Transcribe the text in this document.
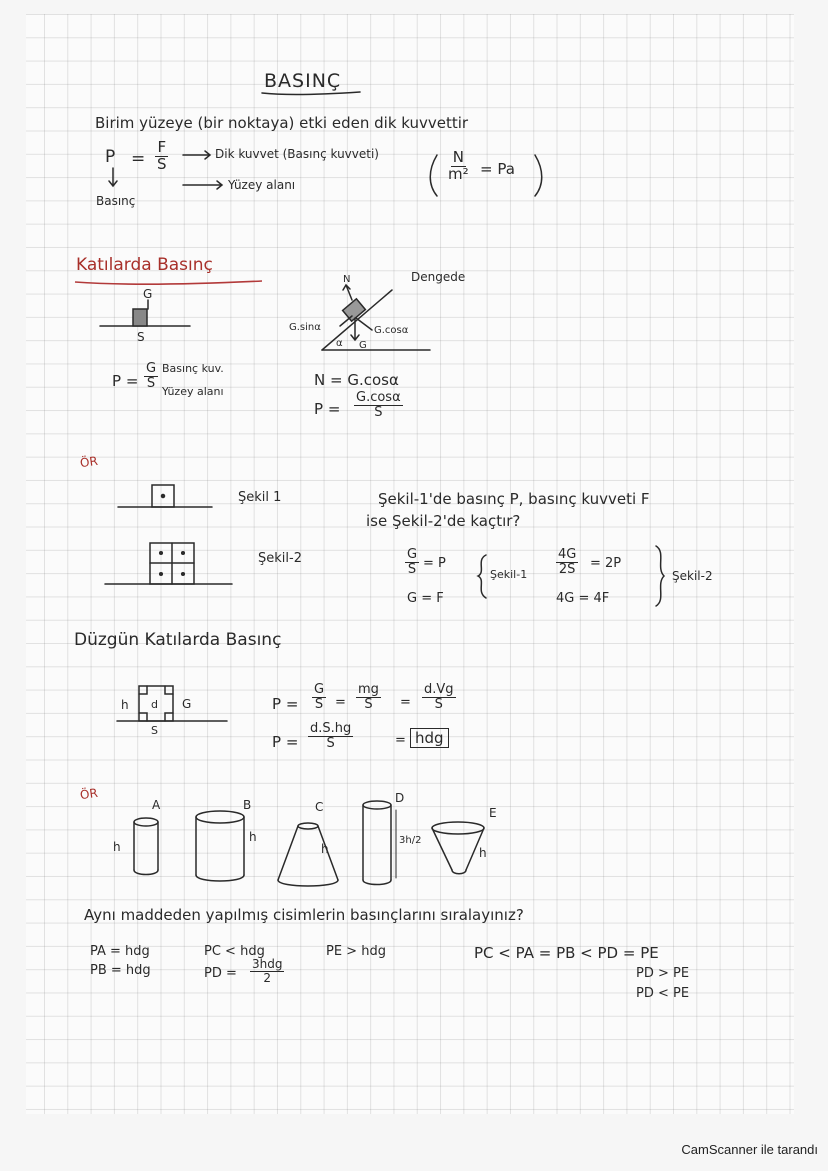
BASINÇ
Birim yüzeye (bir noktaya) etki eden dik kuvvettir
$P = \frac{F}{S}$	Dik kuvvet (Basınç kuvveti)
Yüzey alanı
Basınç
$\frac{N}{\text{m²}} = Pa$
Katılarda Basınç
G
S
$P = \frac{G}{S}$ Basınç kuv.
Yüzey alanı
Dengede
N
G.sinα	G.cosα
G
α
N = G.cosα
$P = \frac{G.\cos\alpha}{S}$
ÖR
Şekil 1
Şekil-2
Şekil-1'de basınç P, basınç kuvveti F
ise Şekil-2'de kaçtır?
$\frac{G}{S} = P$
G = F
Şekil-1 $\frac{4G}{2S} = 2P$
4G = 4F
Şekil-2
Düzgün Katılarda Basınç
h d G
S
$P = \frac{G}{S} = \frac{mg}{S} = \frac{d.Vg}{S}$
$P = \frac{d.S.hg}{S}$	= hdg
ÖR
A
h
B
h
C
h
D
3h/2
E
h
Aynı maddeden yapılmış cisimlerin basınçlarını sıralayınız?
PA = hdg
PB = hdg
PC < hdg
PD = $\frac{\text{3hdg}}{2}$
PE > hdg	PC < PA = PB < PD = PE
PD > PE
PD < PE
CamScanner ile tarandı
